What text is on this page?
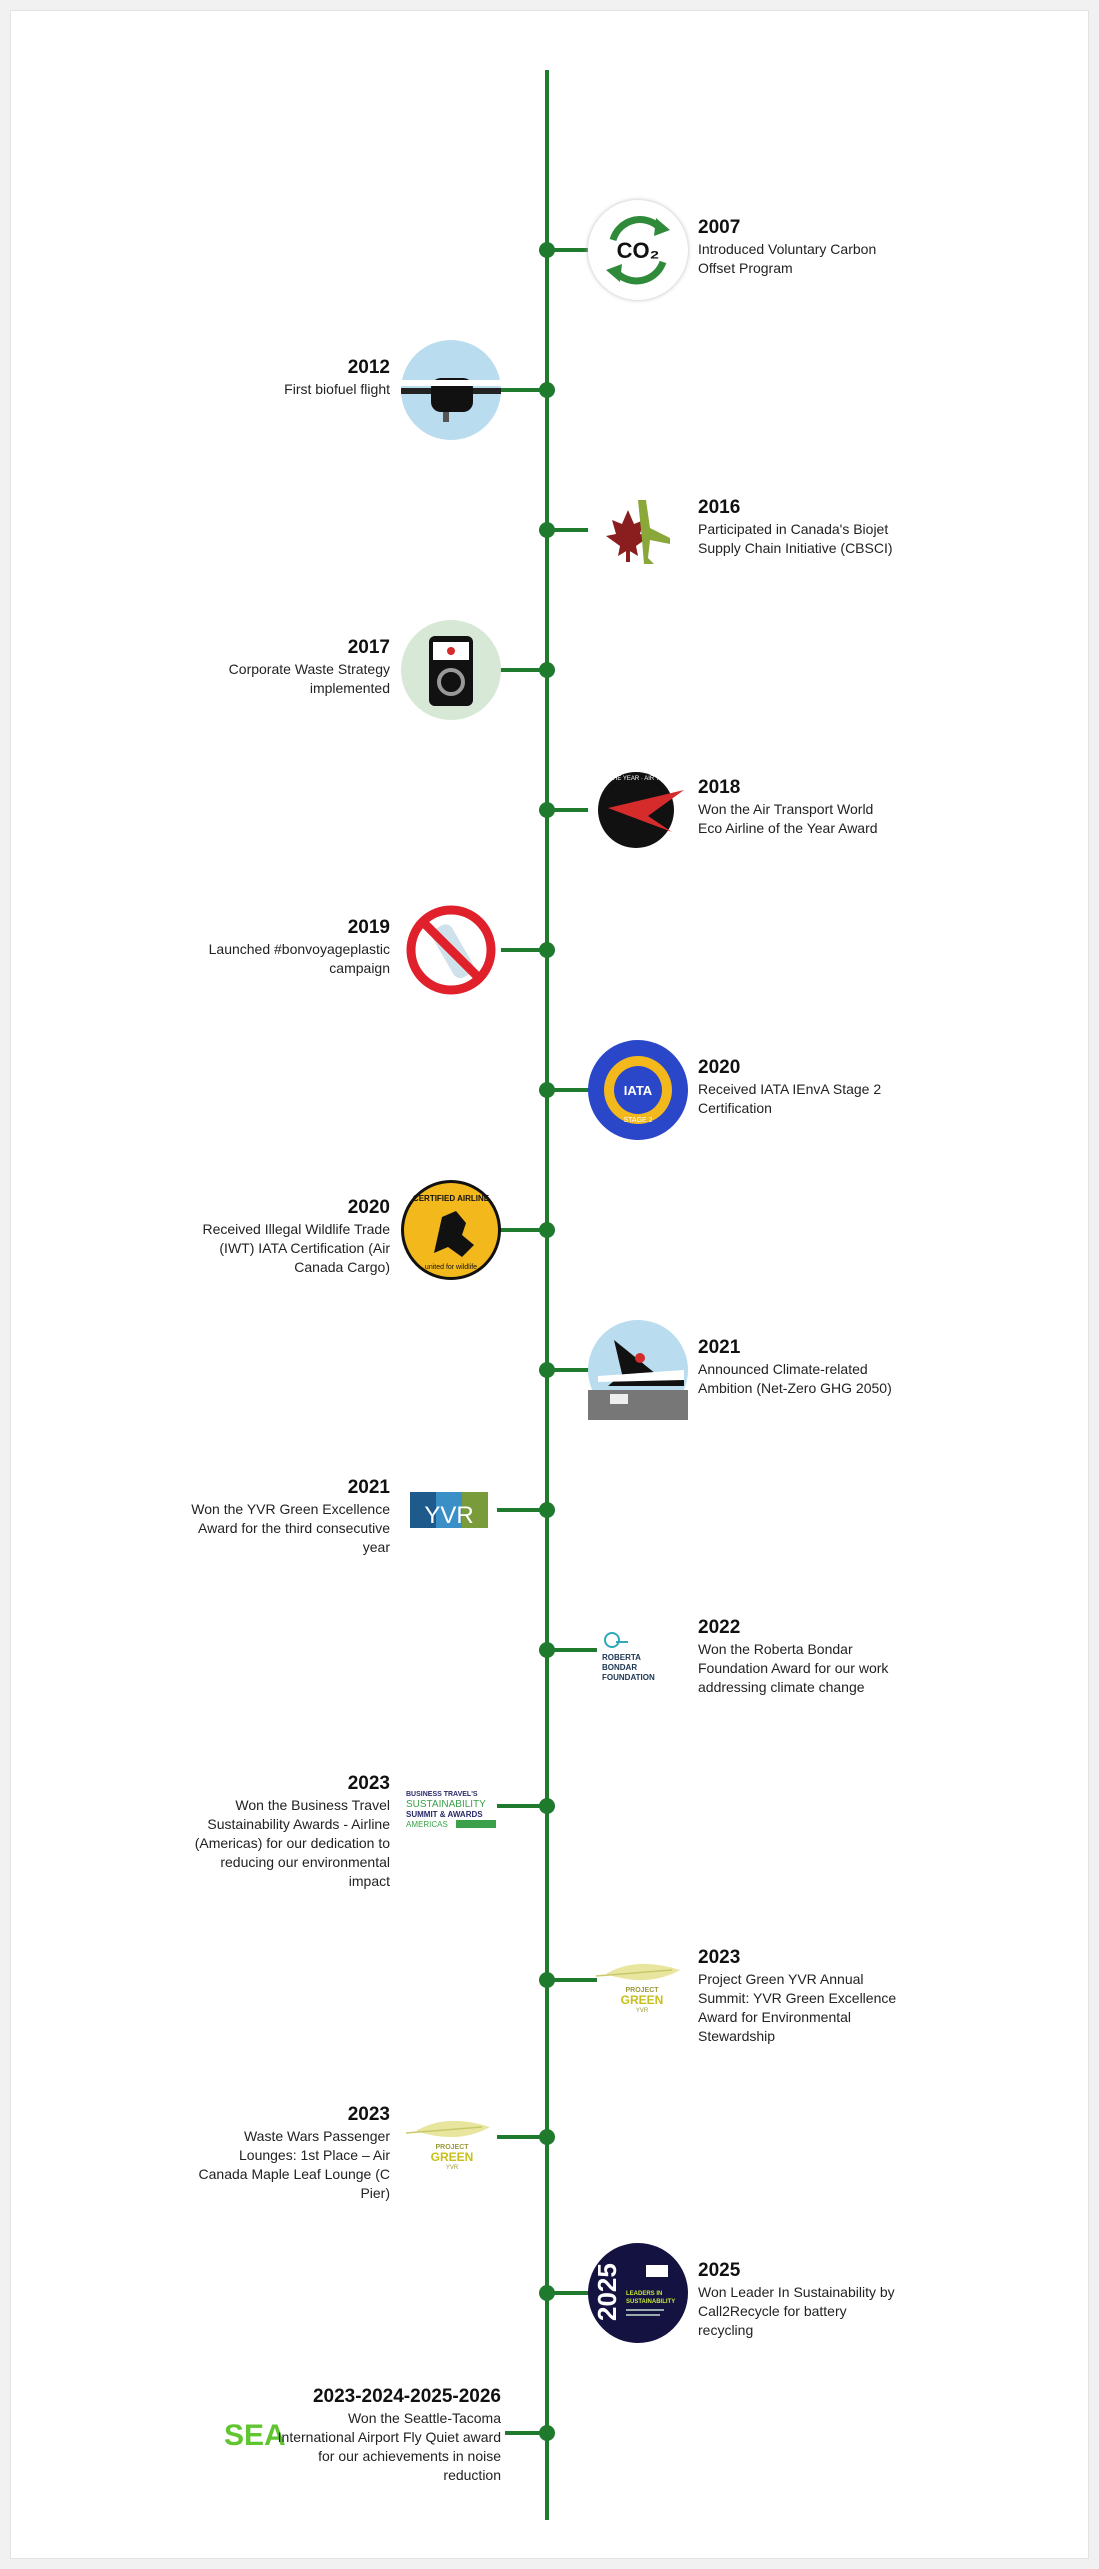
CO₂
2007
Introduced Voluntary Carbon Offset Program
2012
First biofuel flight
2016
Participated in Canada's Biojet Supply Chain Initiative (CBSCI)
2017
Corporate Waste Strategy implemented
ECO-AIRLINE OF THE YEAR · AIR TRANSPORT WORLD
2018
Won the Air Transport World Eco Airline of the Year Award
2019
Launched #bonvoyageplastic campaign
IATA
STAGE 2
2020
Received IATA IEnvA Stage 2 Certification
CERTIFIED AIRLINE
united for wildlife
2020
Received Illegal Wildlife Trade (IWT) IATA Certification (Air Canada Cargo)
2021
Announced Climate-related Ambition (Net-Zero GHG 2050)
YVR
2021
Won the YVR Green Excellence Award for the third consecutive year
ROBERTA
BONDAR
FOUNDATION
2022
Won the Roberta Bondar Foundation Award for our work addressing climate change
BUSINESS TRAVEL'S
SUSTAINABILITY
SUMMIT & AWARDS
AMERICAS
2023
Won the Business Travel Sustainability Awards - Airline (Americas) for our dedication to reducing our environmental impact
PROJECT
GREEN
YVR
2023
Project Green YVR Annual Summit: YVR Green Excellence Award for Environmental Stewardship
PROJECT
GREEN
YVR
2023
Waste Wars Passenger Lounges: 1st Place – Air Canada Maple Leaf Lounge (C Pier)
2025 LEADERS IN
SUSTAINABILITY
2025
Won Leader In Sustainability by Call2Recycle for battery recycling
SEA
2023-2024-2025-2026
Won the Seattle-Tacoma International Airport Fly Quiet award for our achievements in noise reduction
